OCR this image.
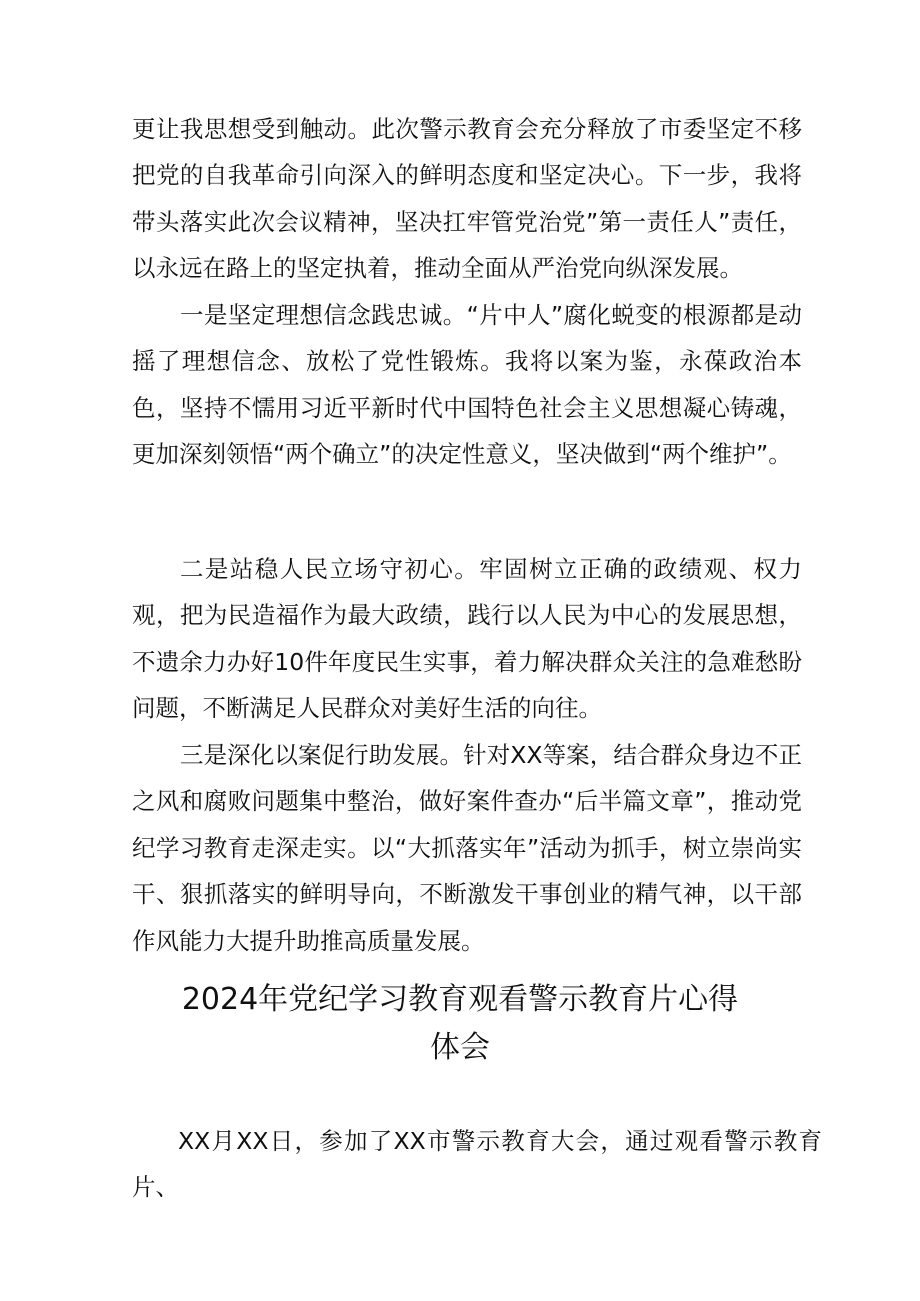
更让我思想受到触动。此次警示教育会充分释放了市委坚定不移把党的自我革命引向深入的鲜明态度和坚定决心。下一步，我将带头落实此次会议精神，坚决扛牢管党治党”第一责任人”责任，以永远在路上的坚定执着，推动全面从严治党向纵深发展。

一是坚定理想信念践忠诚。“片中人”腐化蜕变的根源都是动摇了理想信念、放松了党性锻炼。我将以案为鉴，永葆政治本色，坚持不懦用习近平新时代中国特色社会主义思想凝心铸魂，更加深刻领悟“两个确立”的决定性意义，坚决做到“两个维护”。

二是站稳人民立场守初心。牢固树立正确的政绩观、权力观，把为民造福作为最大政绩，践行以人民为中心的发展思想，不遗余力办好10件年度民生实事，着力解决群众关注的急难愁盼问题，不断满足人民群众对美好生活的向往。

三是深化以案促行助发展。针对XX等案，结合群众身边不正之风和腐败问题集中整治，做好案件查办“后半篇文章”，推动党纪学习教育走深走实。以“大抓落实年”活动为抓手，树立崇尚实干、狠抓落实的鲜明导向，不断激发干事创业的精气神，以干部作风能力大提升助推高质量发展。

2024年党纪学习教育观看警示教育片心得
体会

XX月XX日，参加了XX市警示教育大会，通过观看警示教育片、
